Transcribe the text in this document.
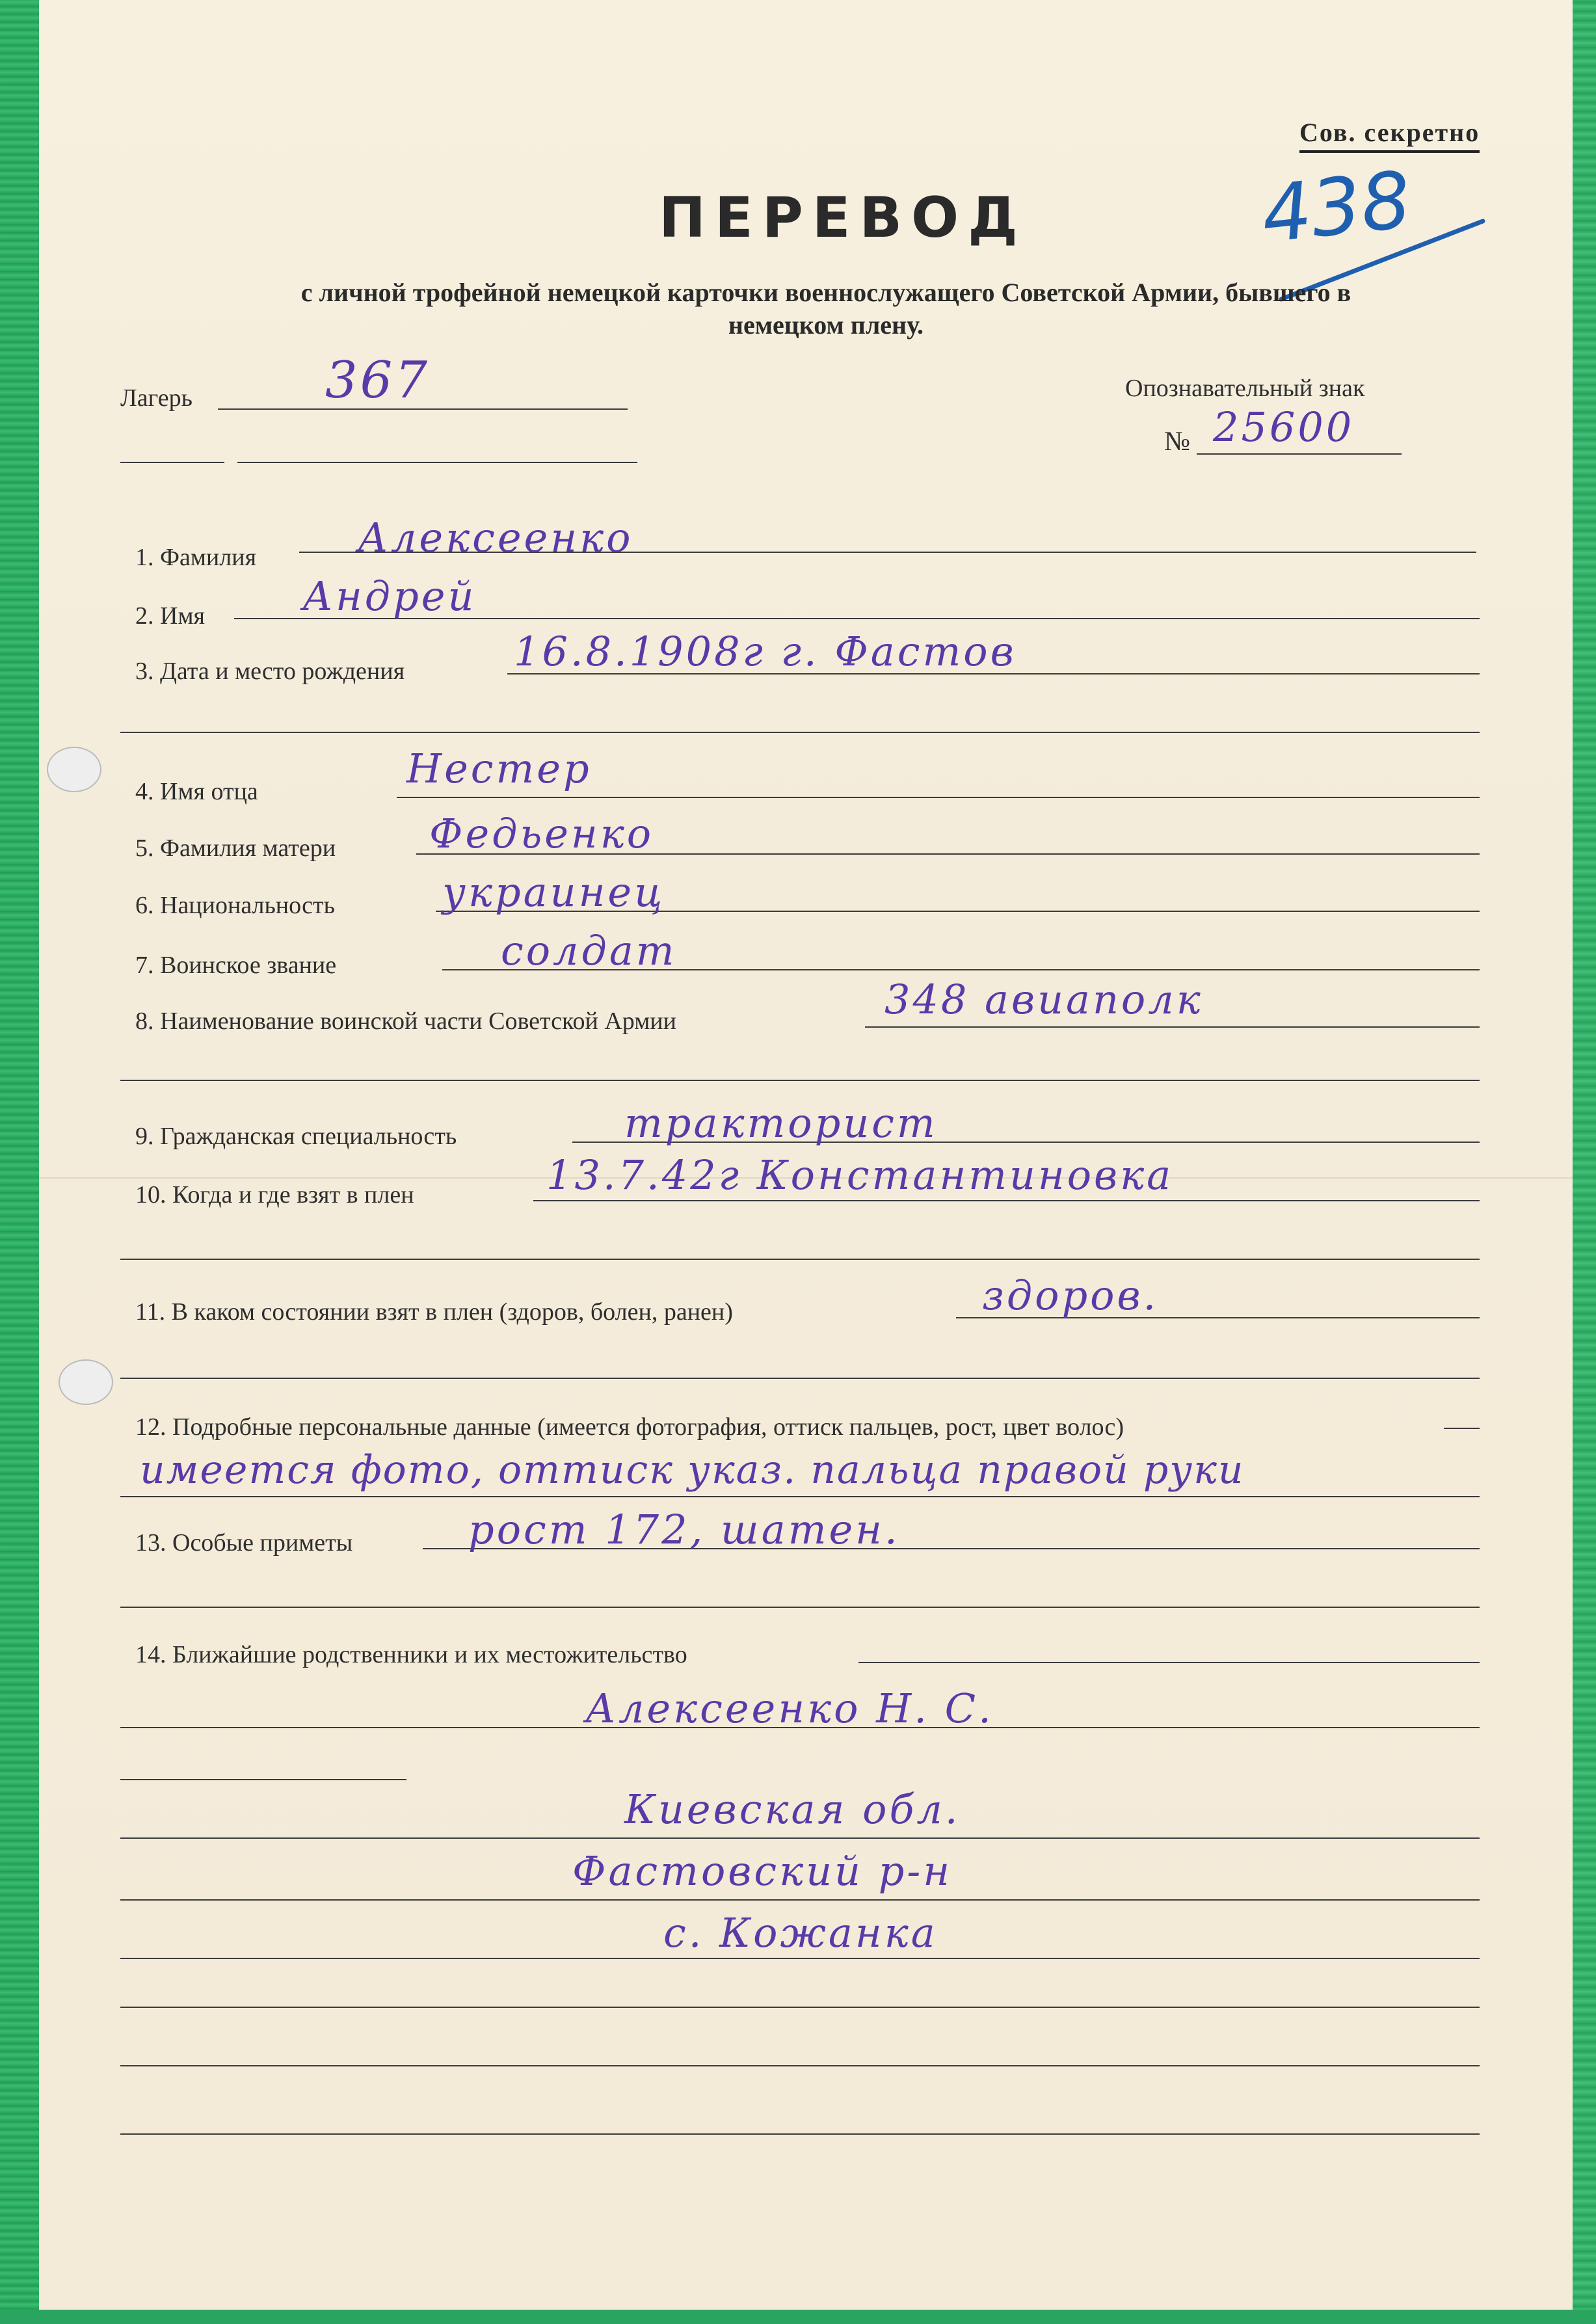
Сов. секретно
438
ПЕРЕВОД
с личной трофейной немецкой карточки военнослужащего Советской Армии, бывшего в немецком плену.
Лагерь	367	Опознавательный знак
№ 25600
1. Фамилия	Алексеенко
2. Имя Андрей
3. Дата и место рождения	16.8.1908г г. Фастов
4. Имя отца	Нестер
5. Фамилия матери Федьенко
6. Национальность	украинец
7. Воинское звание	солдат
8. Наименование воинской части Советской Армии	348 авиаполк
9. Гражданская специальность	тракторист
10. Когда и где взят в плен	13.7.42г Константиновка
11. В каком состоянии взят в плен (здоров, болен, ранен)	здоров.
12. Подробные персональные данные (имеется фотография, оттиск пальцев, рост, цвет волос)
имеется фото, оттиск указ. пальца правой руки
13. Особые приметы	рост 172, шатен.
14. Ближайшие родственники и их местожительство
Алексеенко Н. С.
Киевская обл.
Фастовский р-н
с. Кожанка
